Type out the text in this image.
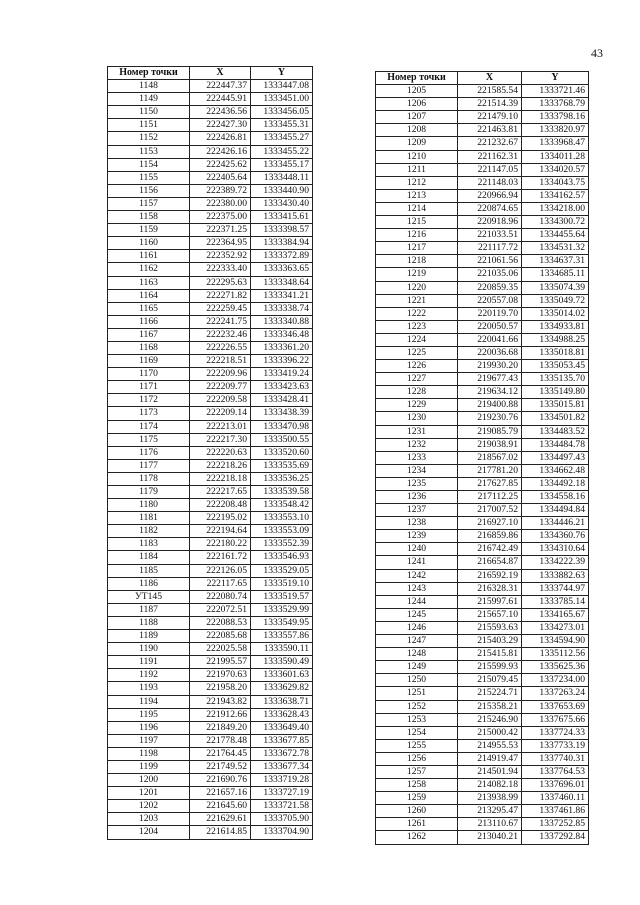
43
Номер точки	X	Y
1148	222447.37	1333447.08
1149	222445.91	1333451.00
1150	222436.56	1333456.05
1151	222427.30	1333455.31
1152	222426.81	1333455.27
1153	222426.16	1333455.22
1154	222425.62	1333455.17
1155	222405.64	1333448.11
1156	222389.72	1333440.90
1157	222380.00	1333430.40
1158	222375.00	1333415.61
1159	222371.25	1333398.57
1160	222364.95	1333384.94
1161	222352.92	1333372.89
1162	222333.40	1333363.65
1163	222295.63	1333348.64
1164	222271.82	1333341.21
1165	222259.45	1333338.74
1166	222241.75	1333340.88
1167	222232.46	1333346.48
1168	222226.55	1333361.20
1169	222218.51	1333396.22
1170	222209.96	1333419.24
1171	222209.77	1333423.63
1172	222209.58	1333428.41
1173	222209.14	1333438.39
1174	222213.01	1333470.98
1175	222217.30	1333500.55
1176	222220.63	1333520.60
1177	222218.26	1333535.69
1178	222218.18	1333536.25
1179	222217.65	1333539.58
1180	222208.48	1333548.42
1181	222195.02	1333553.10
1182	222194.64	1333553.09
1183	222180.22	1333552.39
1184	222161.72	1333546.93
1185	222126.05	1333529.05
1186	222117.65	1333519.10
УТ145	222080.74	1333519.57
1187	222072.51	1333529.99
1188	222088.53	1333549.95
1189	222085.68	1333557.86
1190	222025.58	1333590.11
1191	221995.57	1333590.49
1192	221970.63	1333601.63
1193	221958.20	1333629.82
1194	221943.82	1333638.71
1195	221912.66	1333628.43
1196	221849.20	1333649.40
1197	221778.48	1333677.85
1198	221764.45	1333672.78
1199	221749.52	1333677.34
1200	221690.76	1333719.28
1201	221657.16	1333727.19
1202	221645.60	1333721.58
1203	221629.61	1333705.90
1204	221614.85	1333704.90
Номер точки	X	Y
1205	221585.54	1333721.46
1206	221514.39	1333768.79
1207	221479.10	1333798.16
1208	221463.81	1333820.97
1209	221232.67	1333968.47
1210	221162.31	1334011.28
1211	221147.05	1334020.57
1212	221148.03	1334043.75
1213	220966.94	1334162.57
1214	220874.65	1334218.00
1215	220918.96	1334300.72
1216	221033.51	1334455.64
1217	221117.72	1334531.32
1218	221061.56	1334637.31
1219	221035.06	1334685.11
1220	220859.35	1335074.39
1221	220557.08	1335049.72
1222	220119.70	1335014.02
1223	220050.57	1334933.81
1224	220041.66	1334988.25
1225	220036.68	1335018.81
1226	219930.20	1335053.45
1227	219677.43	1335135.70
1228	219634.12	1335149.80
1229	219400.88	1335015.81
1230	219230.76	1334501.82
1231	219085.79	1334483.52
1232	219038.91	1334484.78
1233	218567.02	1334497.43
1234	217781.20	1334662.48
1235	217627.85	1334492.18
1236	217112.25	1334558.16
1237	217007.52	1334494.84
1238	216927.10	1334446.21
1239	216859.86	1334360.76
1240	216742.49	1334310.64
1241	216654.87	1334222.39
1242	216592.19	1333882.63
1243	216328.31	1333744.97
1244	215997.61	1333785.14
1245	215657.10	1334165.67
1246	215593.63	1334273.01
1247	215403.29	1334594.90
1248	215415.81	1335112.56
1249	215599.93	1335625.36
1250	215079.45	1337234.00
1251	215224.71	1337263.24
1252	215358.21	1337653.69
1253	215246.90	1337675.66
1254	215000.42	1337724.33
1255	214955.53	1337733.19
1256	214919.47	1337740.31
1257	214501.94	1337764.53
1258	214082.18	1337696.01
1259	213938.99	1337460.11
1260	213295.47	1337461.86
1261	213110.67	1337252.85
1262	213040.21	1337292.84
